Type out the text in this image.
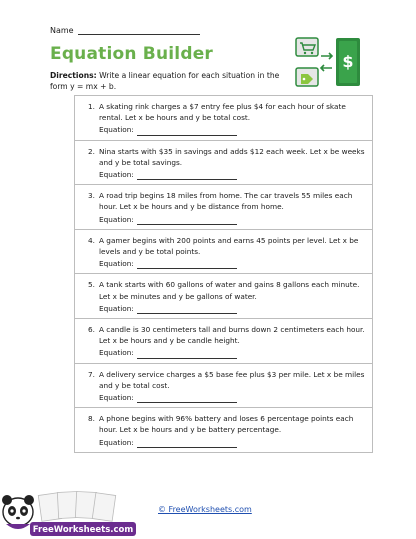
Name
Equation Builder
Directions: Write a linear equation for each situation in the form y = mx + b.
$
1. A skating rink charges a $7 entry fee plus $4 for each hour of skate rental. Let x be hours and y be total cost.
Equation:
2. Nina starts with $35 in savings and adds $12 each week. Let x be weeks and y be total savings.
Equation:
3. A road trip begins 18 miles from home. The car travels 55 miles each hour. Let x be hours and y be distance from home.
Equation:
4. A gamer begins with 200 points and earns 45 points per level. Let x be levels and y be total points.
Equation:
5. A tank starts with 60 gallons of water and gains 8 gallons each minute. Let x be minutes and y be gallons of water.
Equation:
6. A candle is 30 centimeters tall and burns down 2 centimeters each hour. Let x be hours and y be candle height.
Equation:
7. A delivery service charges a $5 base fee plus $3 per mile. Let x be miles and y be total cost.
Equation:
8. A phone begins with 96% battery and loses 6 percentage points each hour. Let x be hours and y be battery percentage.
Equation:
FreeWorksheets.com
© FreeWorksheets.com
